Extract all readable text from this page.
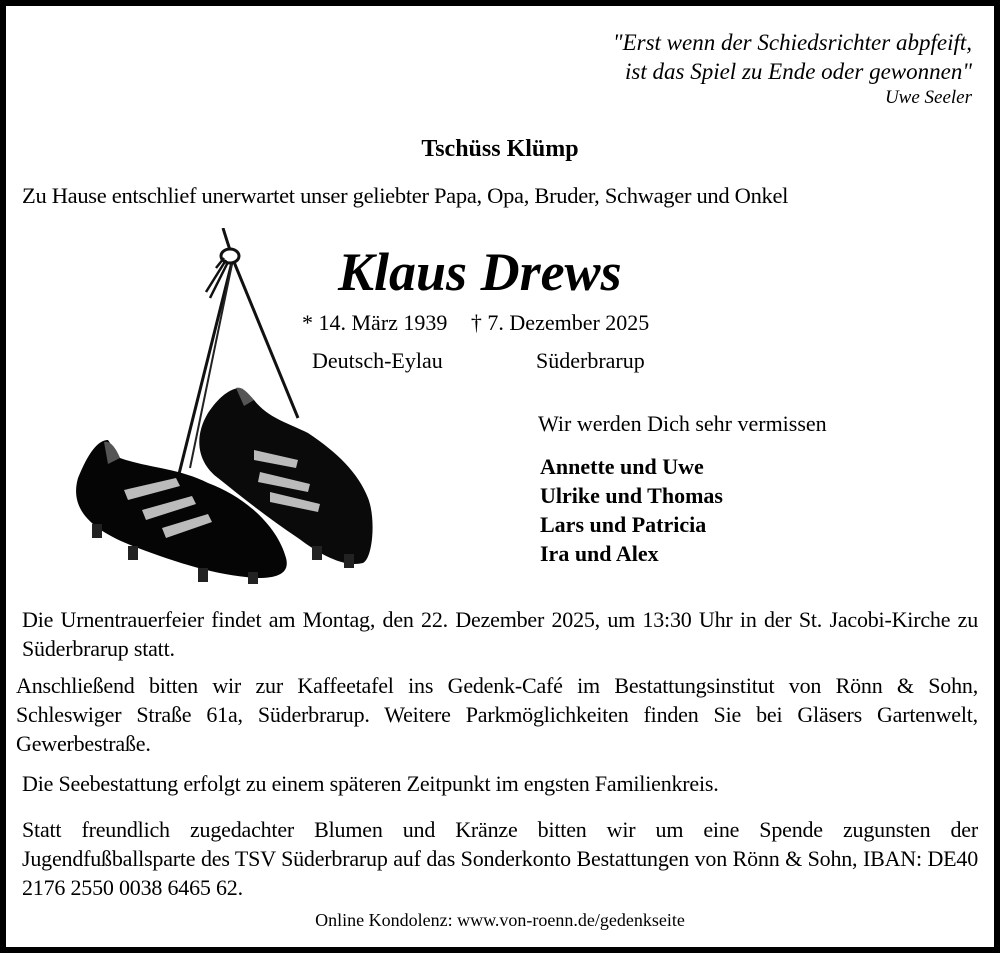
"Erst wenn der Schiedsrichter abpfeift,
ist das Spiel zu Ende oder gewonnen"
Uwe Seeler
Tschüss Klümp
Zu Hause entschlief unerwartet unser geliebter Papa, Opa, Bruder, Schwager und Onkel
Klaus Drews
* 14. März 1939 † 7. Dezember 2025
Deutsch-Eylau	Süderbrarup
Wir werden Dich sehr vermissen
Annette und Uwe
Ulrike und Thomas
Lars und Patricia
Ira und Alex
Die Urnentrauerfeier findet am Montag, den 22. Dezember 2025, um 13:30 Uhr in der St. Jacobi-Kirche zu Süderbrarup statt.
Anschließend bitten wir zur Kaffeetafel ins Gedenk-Café im Bestattungsinstitut von Rönn & Sohn, Schleswiger Straße 61a, Süderbrarup. Weitere Parkmöglichkeiten finden Sie bei Gläsers Gartenwelt, Gewerbestraße.
Die Seebestattung erfolgt zu einem späteren Zeitpunkt im engsten Familienkreis.
Statt freundlich zugedachter Blumen und Kränze bitten wir um eine Spende zugunsten der Jugendfußballsparte des TSV Süderbrarup auf das Sonderkonto Bestattungen von Rönn & Sohn, IBAN: DE40 2176 2550 0038 6465 62.
Online Kondolenz: www.von-roenn.de/gedenkseite
